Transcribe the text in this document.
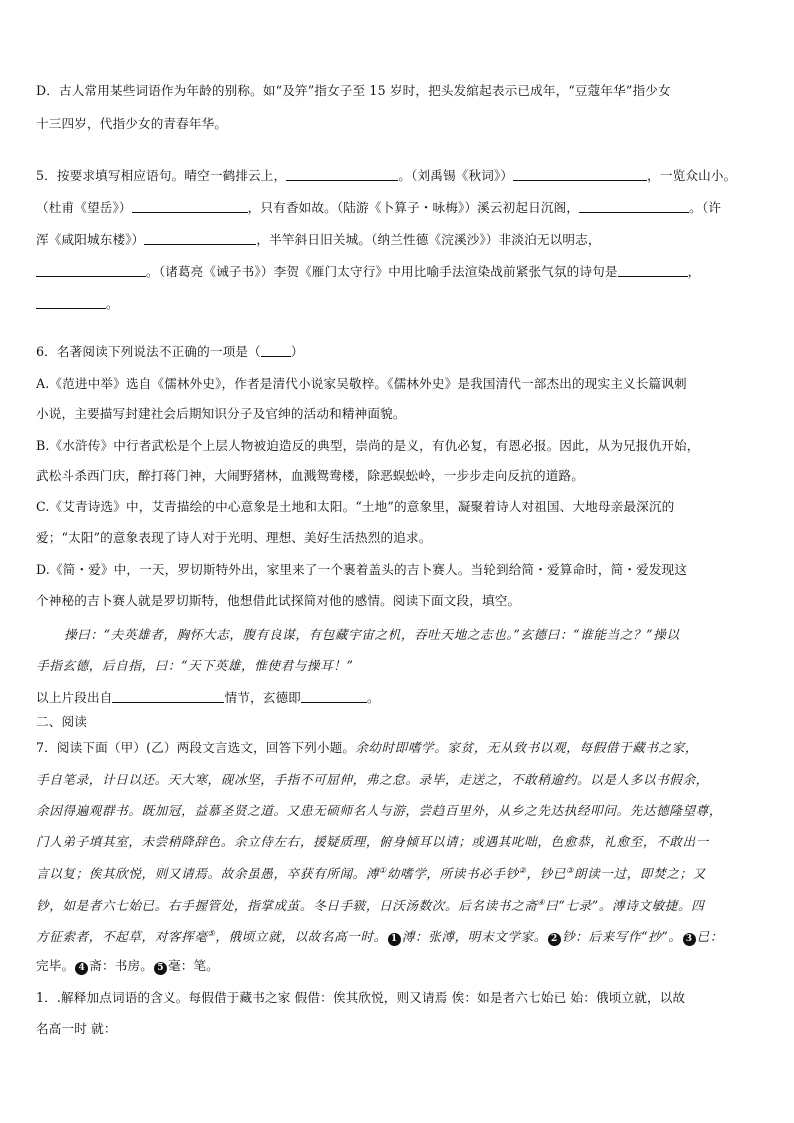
D．古人常用某些词语作为年龄的别称。如“及笄”指女子至 15 岁时，把头发綰起表示已成年，“豆蔻年华”指少女
十三四岁，代指少女的青春年华。
5．按要求填写相应语句。晴空一鹤排云上，	。（刘禹锡《秋词》）	，一览众山小。
（杜甫《望岳》）	，只有香如故。（陆游《卜算子・咏梅》）溪云初起日沉阁，	。（许
浑《咸阳城东楼》）	，半竿斜日旧关城。（纳兰性德《浣溪沙》）非淡泊无以明志，
。（诸葛亮《诫子书》）李贺《雁门太守行》中用比喻手法渲染战前紧张气氛的诗句是	，
。
6．名著阅读下列说法不正确的一项是（ ）
A.《范进中举》选自《儒林外史》，作者是清代小说家吴敬梓。《儒林外史》是我国清代一部杰出的现实主义长篇讽刺
小说，主要描写封建社会后期知识分子及官绅的活动和精神面貌。
B.《水浒传》中行者武松是个上层人物被迫造反的典型，崇尚的是义，有仇必复，有恩必报。因此，从为兄报仇开始，
武松斗杀西门庆，醉打蒋门神，大闹野猪林，血溅鸳鸯楼，除恶蜈蚣岭，一步步走向反抗的道路。
C.《艾青诗选》中，艾青描绘的中心意象是土地和太阳。“土地”的意象里，凝聚着诗人对祖国、大地母亲最深沉的
爱；“太阳”的意象表现了诗人对于光明、理想、美好生活热烈的追求。
D.《简・爱》中，一天，罗切斯特外出，家里来了一个裹着盖头的吉卜赛人。当轮到给简・爱算命时，简・爱发现这
个神秘的吉卜赛人就是罗切斯特，他想借此试探简对他的感情。阅读下面文段，填空。
操曰：“夫英雄者，胸怀大志，腹有良谋，有包藏宇宙之机，吞吐天地之志也。”玄德曰：“谁能当之？”操以
手指玄德，后自指，曰：“天下英雄，惟使君与操耳！”
以上片段出自	情节，玄德即	。
二、阅读
7．阅读下面（甲）(乙）两段文言选文，回答下列小题。余幼时即嗜学。家贫，无从致书以观，每假借于藏书之家，
手自笔录，计日以还。天大寒，砚冰坚，手指不可屈伸，弗之怠。录毕，走送之，不敢稍逾约。以是人多以书假余，
余因得遍观群书。既加冠，益慕圣贤之道。又患无硕师名人与游，尝趋百里外，从乡之先达执经叩问。先达德隆望尊，
门人弟子填其室，未尝稍降辞色。余立侍左右，援疑质理，俯身倾耳以请；或遇其叱咄，色愈恭，礼愈至，不敢出一
言以复；俟其欣悦，则又请焉。故余虽愚，卒获有所闻。溥①幼嗜学，所读书必手钞②，钞已③朗读一过，即焚之；又
钞，如是者六七始已。右手握管处，指掌成茧。冬日手皲，日沃汤数次。后名读书之斋④曰“七录”。溥诗文敏捷。四
方征索者，不起草，对客挥毫⑤，俄顷立就，以故名高一时。 1 溥：张溥，明末文学家。 2 钞：后来写作“抄”。 3 已：
完毕。 4 斋：书房。 5 毫：笔。
1．.解释加点词语的含义。每假借于藏书之家 假借：俟其欣悦，则又请焉 俟：如是者六七始已 始：俄顷立就，以故
名高一时 就：
